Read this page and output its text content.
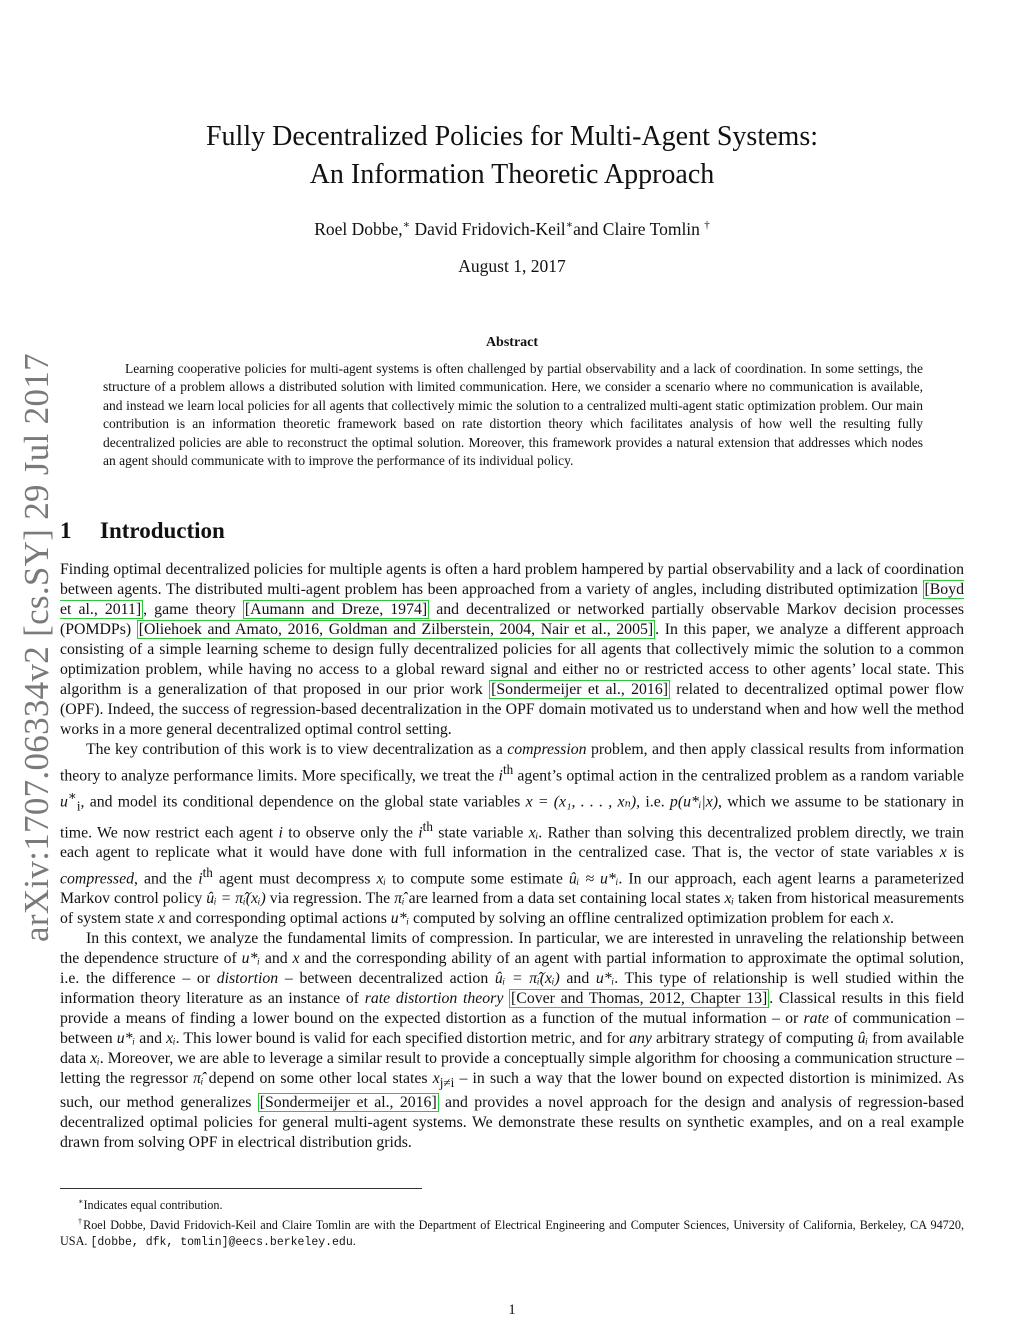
arXiv:1707.06334v2 [cs.SY] 29 Jul 2017
Fully Decentralized Policies for Multi-Agent Systems:
An Information Theoretic Approach
Roel Dobbe,∗ David Fridovich-Keil∗and Claire Tomlin †
August 1, 2017
Abstract

Learning cooperative policies for multi-agent systems is often challenged by partial observability and a lack of coordination. In some settings, the structure of a problem allows a distributed solution with limited communication. Here, we consider a scenario where no communication is available, and instead we learn local policies for all agents that collectively mimic the solution to a centralized multi-agent static optimization problem. Our main contribution is an information theoretic framework based on rate distortion theory which facilitates analysis of how well the resulting fully decentralized policies are able to reconstruct the optimal solution. Moreover, this framework provides a natural extension that addresses which nodes an agent should communicate with to improve the performance of its individual policy.

1 Introduction

Finding optimal decentralized policies for multiple agents is often a hard problem hampered by partial observability and a lack of coordination between agents. The distributed multi-agent problem has been approached from a variety of angles, including distributed optimization [Boyd et al., 2011] , game theory [Aumann and Dreze, 1974] and decentralized or networked partially observable Markov decision processes (POMDPs) [Oliehoek and Amato, 2016, Goldman and Zilberstein, 2004, Nair et al., 2005] . In this paper, we analyze a different approach consisting of a simple learning scheme to design fully decentralized policies for all agents that collectively mimic the solution to a common optimization problem, while having no access to a global reward signal and either no or restricted access to other agents’ local state. This algorithm is a generalization of that proposed in our prior work [Sondermeijer et al., 2016] related to decentralized optimal power flow (OPF). Indeed, the success of regression-based decentralization in the OPF domain motivated us to understand when and how well the method works in a more general decentralized optimal control setting.

The key contribution of this work is to view decentralization as a compression problem, and then apply classical results from information theory to analyze performance limits. More specifically, we treat the $i^{th}$ agent’s optimal action in the centralized problem as a random variable $u^∗_i$, and model its conditional dependence on the global state variables x = (x₁, . . . , xₙ), i.e. p(u*ᵢ|x), which we assume to be stationary in time. We now restrict each agent i to observe only the $i^{th}$ state variable xᵢ. Rather than solving this decentralized problem directly, we train each agent to replicate what it would have done with full information in the centralized case. That is, the vector of state variables x is compressed, and the $i^{th}$ agent must decompress xᵢ to compute some estimate ûᵢ ≈ u*ᵢ. In our approach, each agent learns a parameterized Markov control policy ûᵢ = π̂ᵢ(xᵢ) via regression. The π̂ᵢ are learned from a data set containing local states xᵢ taken from historical measurements of system state x and corresponding optimal actions u*ᵢ computed by solving an offline centralized optimization problem for each x.

In this context, we analyze the fundamental limits of compression. In particular, we are interested in unraveling the relationship between the dependence structure of u*ᵢ and x and the corresponding ability of an agent with partial information to approximate the optimal solution, i.e. the difference – or distortion – between decentralized action ûᵢ = π̂ᵢ(xᵢ) and u*ᵢ. This type of relationship is well studied within the information theory literature as an instance of rate distortion theory [Cover and Thomas, 2012, Chapter 13] . Classical results in this field provide a means of finding a lower bound on the expected distortion as a function of the mutual information – or rate of communication – between u*ᵢ and xᵢ. This lower bound is valid for each specified distortion metric, and for any arbitrary strategy of computing ûᵢ from available data xᵢ. Moreover, we are able to leverage a similar result to provide a conceptually simple algorithm for choosing a communication structure – letting the regressor π̂ᵢ depend on some other local states $x_{j\ne i}$ – in such a way that the lower bound on expected distortion is minimized. As such, our method generalizes [Sondermeijer et al., 2016] and provides a novel approach for the design and analysis of regression-based decentralized optimal policies for general multi-agent systems. We demonstrate these results on synthetic examples, and on a real example drawn from solving OPF in electrical distribution grids.

∗Indicates equal contribution.

†Roel Dobbe, David Fridovich-Keil and Claire Tomlin are with the Department of Electrical Engineering and Computer Sciences, University of California, Berkeley, CA 94720, USA. [dobbe, dfk, tomlin]@eecs.berkeley.edu.

1
